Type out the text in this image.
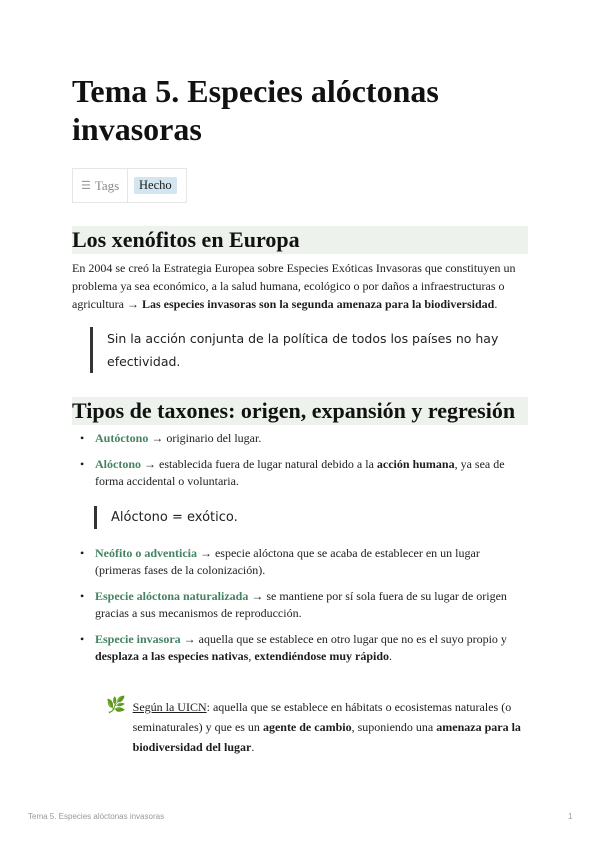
Tema 5. Especies alóctonas invasoras
☰ Tags	Hecho
Los xenófitos en Europa

En 2004 se creó la Estrategia Europea sobre Especies Exóticas Invasoras que constituyen un problema ya sea económico, a la salud humana, ecológico o por daños a infraestructuras o agricultura → Las especies invasoras son la segunda amenaza para la biodiversidad.

Sin la acción conjunta de la política de todos los países no hay efectividad.
Tipos de taxones: origen, expansión y regresión
• Autóctono → originario del lugar.
• Alóctono → establecida fuera de lugar natural debido a la acción humana, ya sea de forma accidental o voluntaria.
Alóctono = exótico.
• Neófito o adventicia → especie alóctona que se acaba de establecer en un lugar (primeras fases de la colonización).
• Especie alóctona naturalizada → se mantiene por sí sola fuera de su lugar de origen gracias a sus mecanismos de reproducción.
• Especie invasora → aquella que se establece en otro lugar que no es el suyo propio y desplaza a las especies nativas, extendiéndose muy rápido.
🌿 Según la UICN: aquella que se establece en hábitats o ecosistemas naturales (o seminaturales) y que es un agente de cambio, suponiendo una amenaza para la biodiversidad del lugar.
Tema 5. Especies alóctonas invasoras	1
